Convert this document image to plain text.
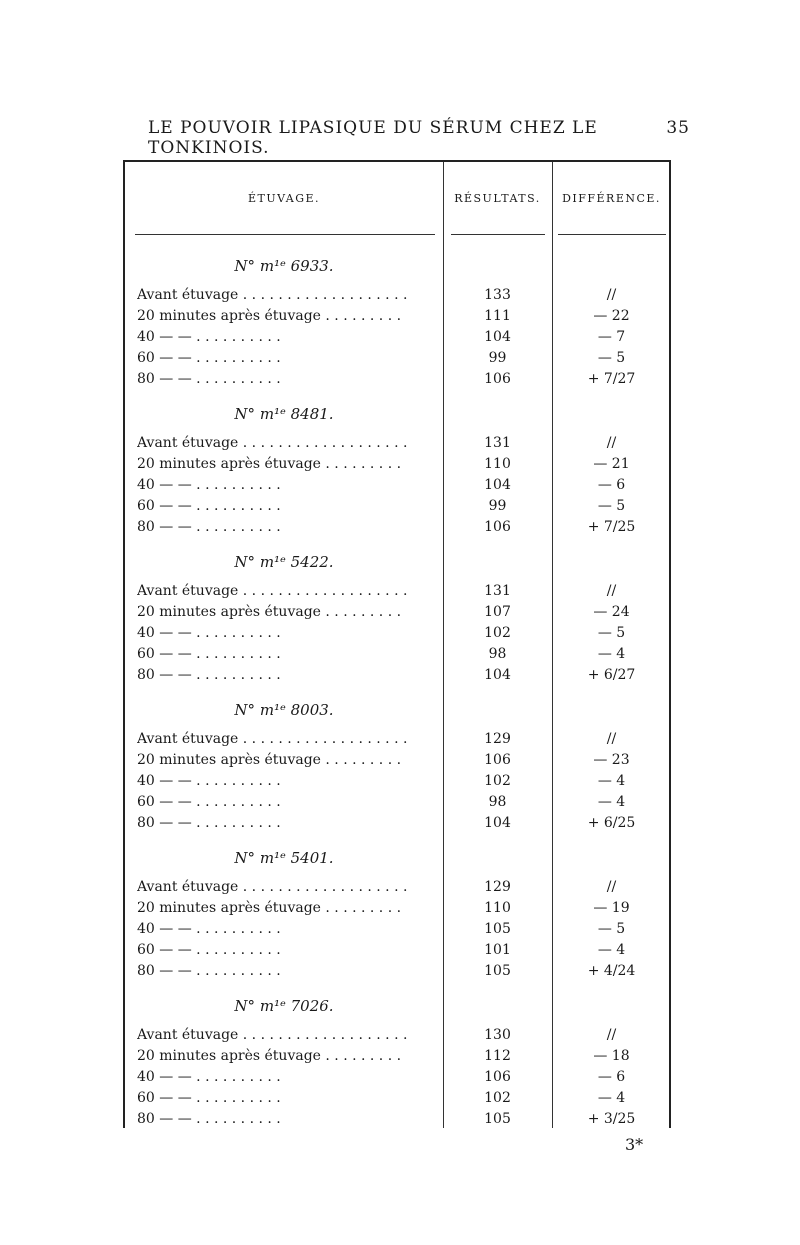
LE POUVOIR LIPASIQUE DU SÉRUM CHEZ LE TONKINOIS.
35
ÉTUVAGE.	RÉSULTATS.	DIFFÉRENCE.
N° m¹ᵉ 6933.
Avant étuvage . . . . . . . . . . . . . . . . . . .	133	//
20 minutes après étuvage . . . . . . . . .	111	— 22
40 — — . . . . . . . . . .	104	— 7
60 — — . . . . . . . . . .	99	— 5
80 — — . . . . . . . . . .	106	+ 7/27
N° m¹ᵉ 8481.
Avant étuvage . . . . . . . . . . . . . . . . . . .	131	//
20 minutes après étuvage . . . . . . . . .	110	— 21
40 — — . . . . . . . . . .	104	— 6
60 — — . . . . . . . . . .	99	— 5
80 — — . . . . . . . . . .	106	+ 7/25
N° m¹ᵉ 5422.
Avant étuvage . . . . . . . . . . . . . . . . . . .	131	//
20 minutes après étuvage . . . . . . . . .	107	— 24
40 — — . . . . . . . . . .	102	— 5
60 — — . . . . . . . . . .	98	— 4
80 — — . . . . . . . . . .	104	+ 6/27
N° m¹ᵉ 8003.
Avant étuvage . . . . . . . . . . . . . . . . . . .	129	//
20 minutes après étuvage . . . . . . . . .	106	— 23
40 — — . . . . . . . . . .	102	— 4
60 — — . . . . . . . . . .	98	— 4
80 — — . . . . . . . . . .	104	+ 6/25
N° m¹ᵉ 5401.
Avant étuvage . . . . . . . . . . . . . . . . . . .	129	//
20 minutes après étuvage . . . . . . . . .	110	— 19
40 — — . . . . . . . . . .	105	— 5
60 — — . . . . . . . . . .	101	— 4
80 — — . . . . . . . . . .	105	+ 4/24
N° m¹ᵉ 7026.
Avant étuvage . . . . . . . . . . . . . . . . . . .	130	//
20 minutes après étuvage . . . . . . . . .	112	— 18
40 — — . . . . . . . . . .	106	— 6
60 — — . . . . . . . . . .	102	— 4
80 — — . . . . . . . . . .	105	+ 3/25
3*
